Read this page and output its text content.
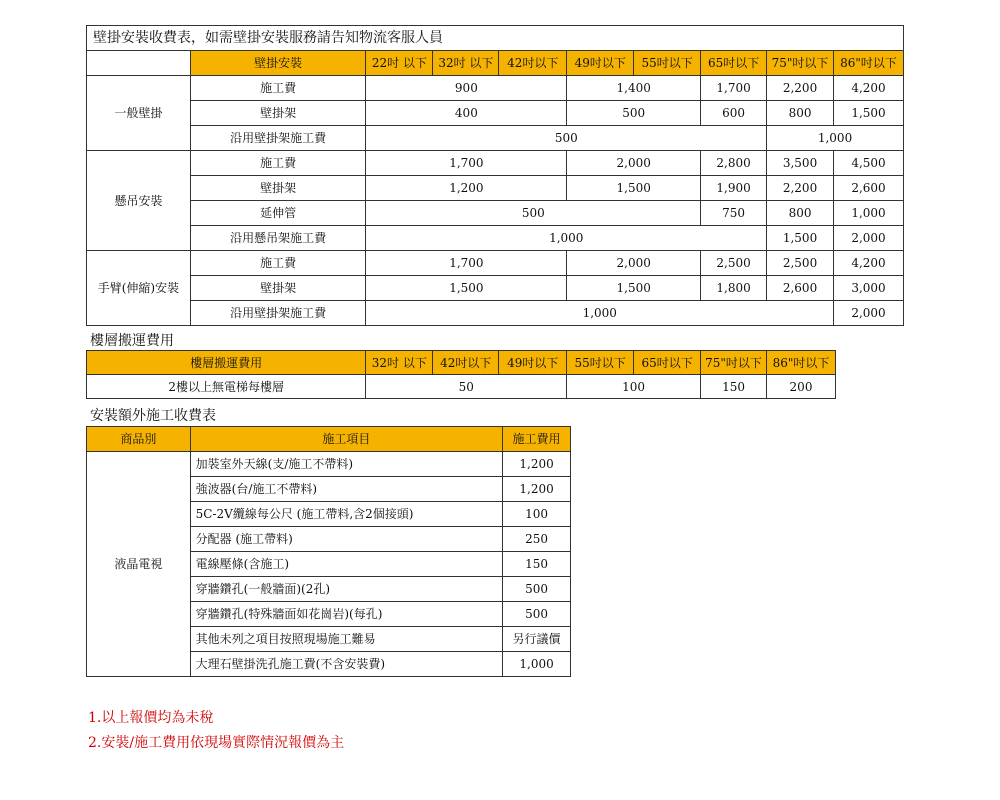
壁掛安裝收費表，如需壁掛安裝服務請告知物流客服人員									
	壁掛安裝	22吋 以下	32吋 以下	42吋以下	49吋以下	55吋以下	65吋以下	75"吋以下	86"吋以下
一般壁掛	施工費	900			1,400		1,700	2,200	4,200
	壁掛架	400			500		600	800	1,500
	沿用壁掛架施工費	500						1,000	
懸吊安裝	施工費	1,700			2,000		2,800	3,500	4,500
	壁掛架	1,200			1,500		1,900	2,200	2,600
	延伸管	500					750	800	1,000
	沿用懸吊架施工費	1,000						1,500	2,000
手臂(伸縮)安裝	施工費	1,700			2,000		2,500	2,500	4,200
	壁掛架	1,500			1,500		1,800	2,600	3,000
	沿用壁掛架施工費	1,000							2,000
樓層搬運費用
樓層搬運費用	32吋 以下	42吋以下	49吋以下	55吋以下	65吋以下	75"吋以下	86"吋以下
2樓以上無電梯每樓層	50			100		150	200
安裝額外施工收費表
商品別	施工項目	施工費用
液晶電視	加裝室外天線(支/施工不帶料)	1,200
	強波器(台/施工不帶料)	1,200
	5C-2V纜線每公尺 (施工帶料,含2個接頭)	100
	分配器 (施工帶料)	250
	電線壓條(含施工)	150
	穿牆鑽孔(一般牆面)(2孔)	500
	穿牆鑽孔(特殊牆面如花崗岩)(每孔)	500
	其他未列之項目按照現場施工難易	另行議價
	大理石壁掛洗孔施工費(不含安裝費)	1,000
1.以上報價均為未稅
2.安裝/施工費用依現場實際情況報價為主
